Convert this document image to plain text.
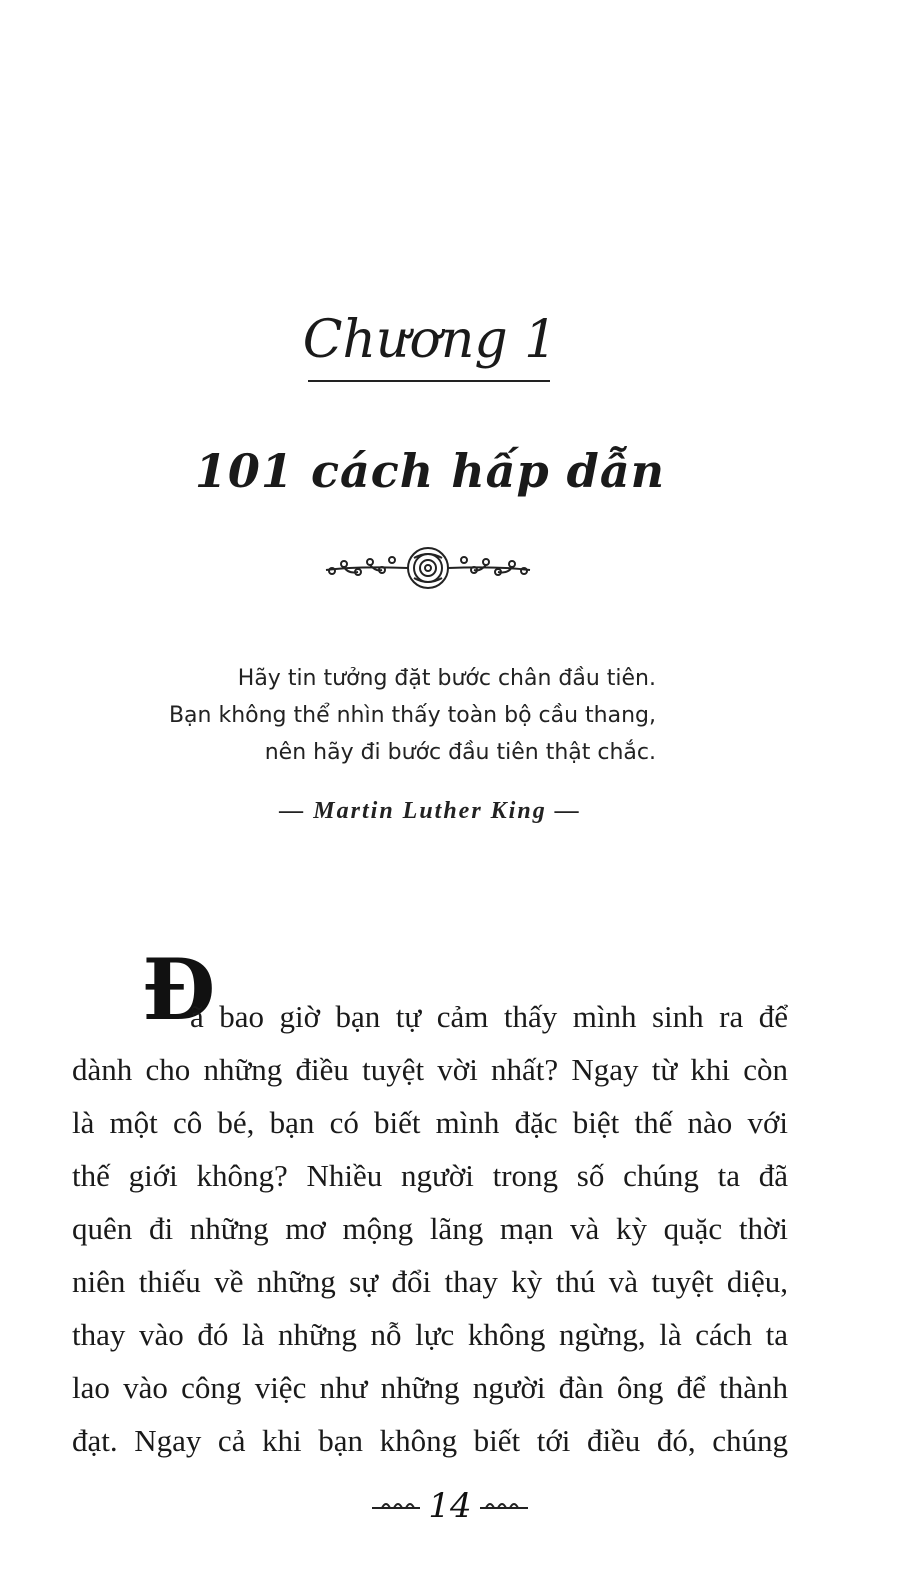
Chương 1
101 cách hấp dẫn
Hãy tin tưởng đặt bước chân đầu tiên.
Bạn không thể nhìn thấy toàn bộ cầu thang,
nên hãy đi bước đầu tiên thật chắc.
— Martin Luther King —
Đ
ã bao giờ bạn tự cảm thấy mình sinh ra để
dành cho những điều tuyệt vời nhất? Ngay từ khi còn
là một cô bé, bạn có biết mình đặc biệt thế nào với
thế giới không? Nhiều người trong số chúng ta đã
quên đi những mơ mộng lãng mạn và kỳ quặc thời
niên thiếu về những sự đổi thay kỳ thú và tuyệt diệu,
thay vào đó là những nỗ lực không ngừng, là cách ta
lao vào công việc như những người đàn ông để thành
đạt. Ngay cả khi bạn không biết tới điều đó, chúng
14
